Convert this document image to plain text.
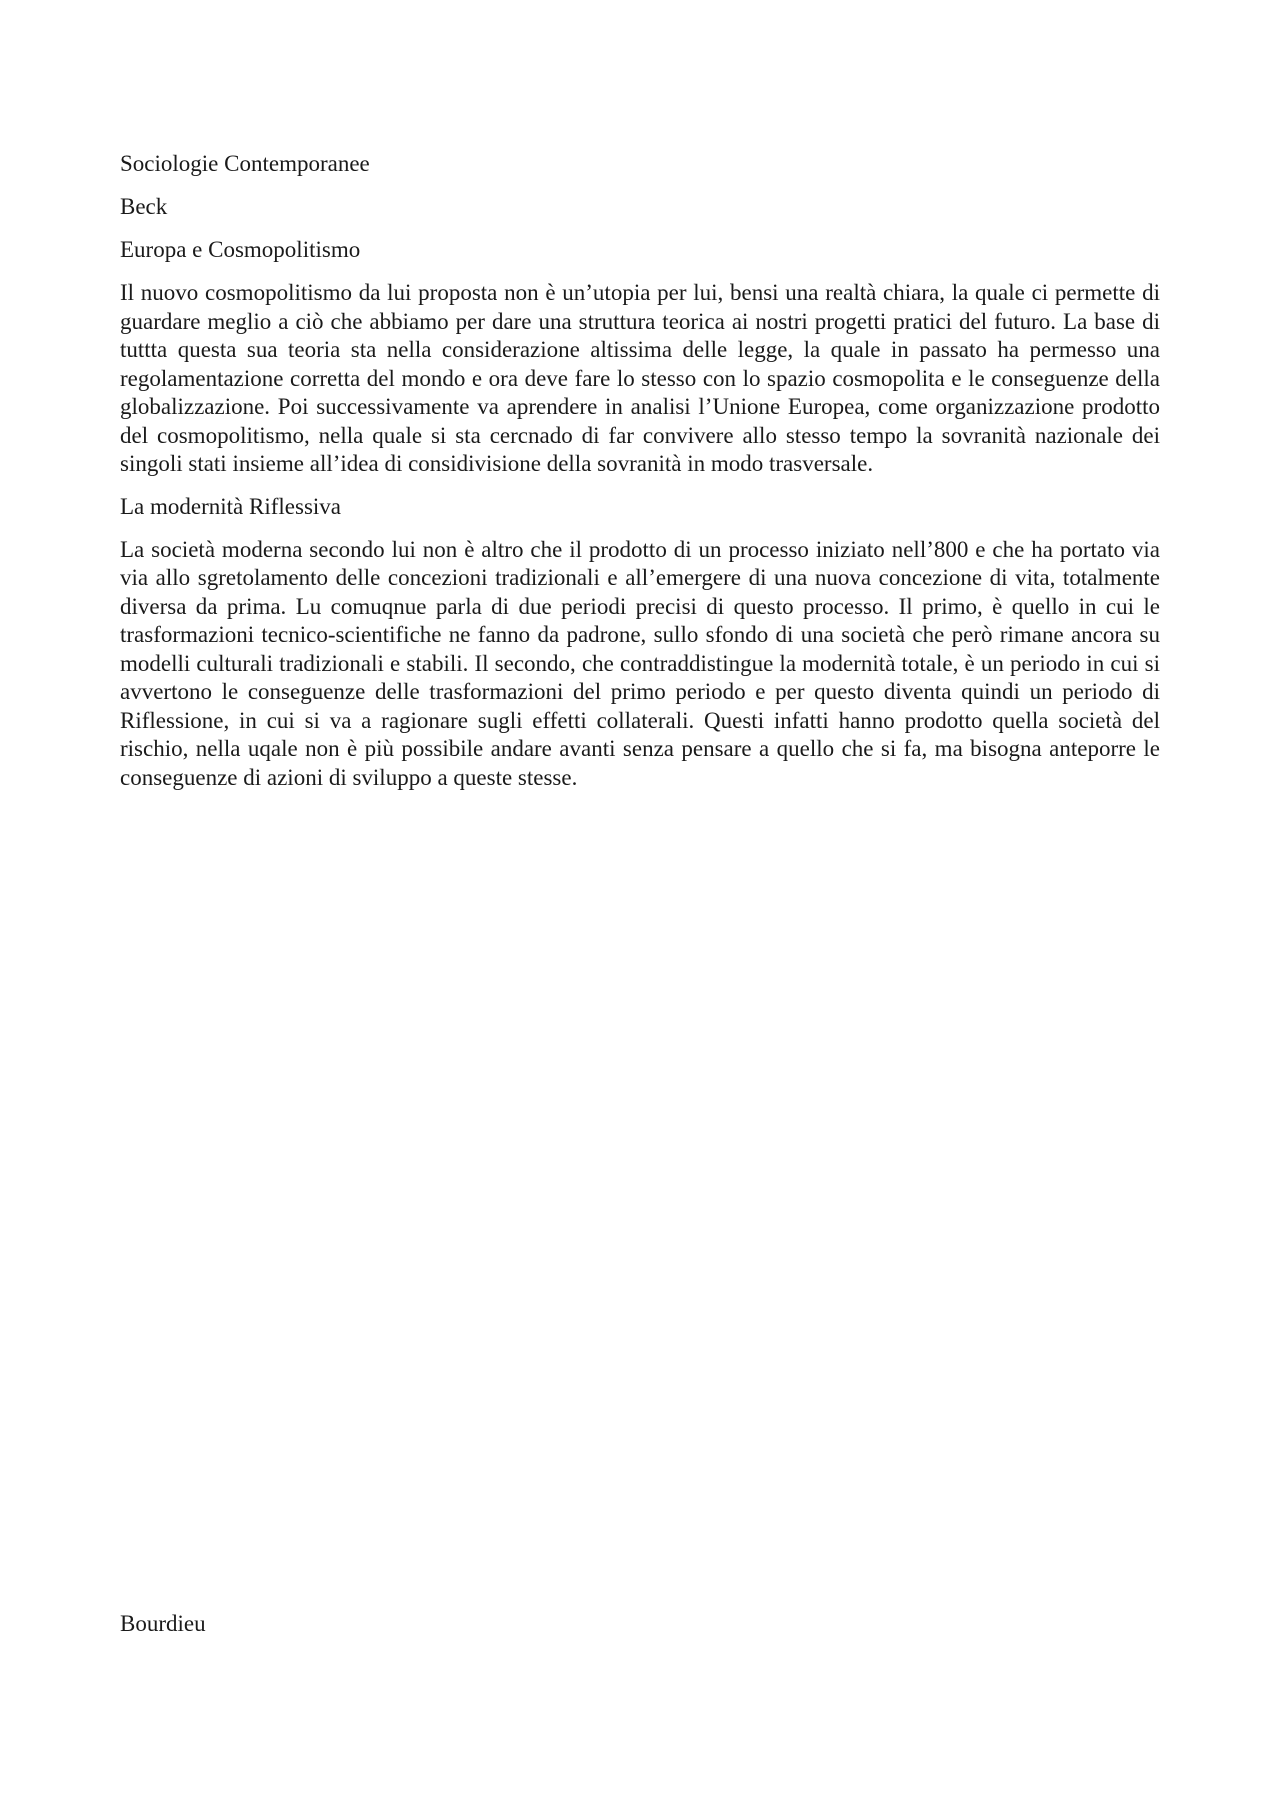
Sociologie Contemporanee

Beck

Europa e Cosmopolitismo

Il nuovo cosmopolitismo da lui proposta non è un’utopia per lui, bensi una realtà chiara, la quale ci permette di guardare meglio a ciò che abbiamo per dare una struttura teorica ai nostri progetti pratici del futuro. La base di tuttta questa sua teoria sta nella considerazione altissima delle legge, la quale in passato ha permesso una regolamentazione corretta del mondo e ora deve fare lo stesso con lo spazio cosmopolita e le conseguenze della globalizzazione. Poi successivamente va aprendere in analisi l’Unione Europea, come organizzazione prodotto del cosmopolitismo, nella quale si sta cercnado di far convivere allo stesso tempo la sovranità nazionale dei singoli stati insieme all’idea di considivisione della sovranità in modo trasversale.

La modernità Riflessiva

La società moderna secondo lui non è altro che il prodotto di un processo iniziato nell’800 e che ha portato via via allo sgretolamento delle concezioni tradizionali e all’emergere di una nuova concezione di vita, totalmente diversa da prima. Lu comuqnue parla di due periodi precisi di questo processo. Il primo, è quello in cui le trasformazioni tecnico-scientifiche ne fanno da padrone, sullo sfondo di una società che però rimane ancora su modelli culturali tradizionali e stabili. Il secondo, che contraddistingue la modernità totale, è un periodo in cui si avvertono le conseguenze delle trasformazioni del primo periodo e per questo diventa quindi un periodo di Riflessione, in cui si va a ragionare sugli effetti collaterali. Questi infatti hanno prodotto quella società del rischio, nella uqale non è più possibile andare avanti senza pensare a quello che si fa, ma bisogna anteporre le conseguenze di azioni di sviluppo a queste stesse.

Bourdieu
